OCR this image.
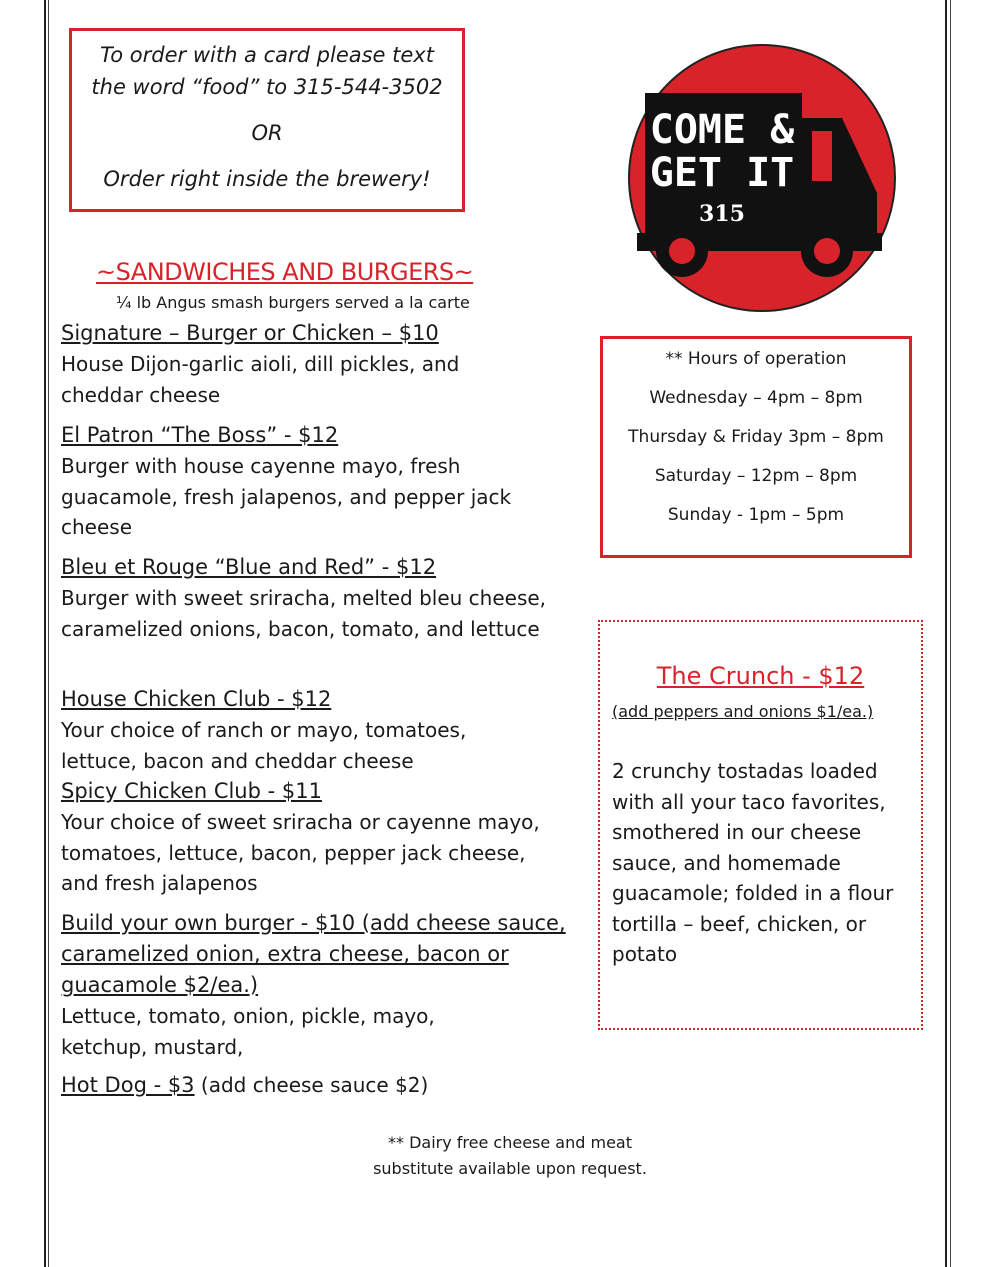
To order with a card please text
the word “food” to 315-544-3502
OR
Order right inside the brewery!
COME &
GET IT
315
** Hours of operation
Wednesday – 4pm – 8pm
Thursday & Friday 3pm – 8pm
Saturday – 12pm – 8pm
Sunday - 1pm – 5pm
~SANDWICHES AND BURGERS~
¼ lb Angus smash burgers served a la carte
Signature – Burger or Chicken – $10
House Dijon-garlic aioli, dill pickles, and cheddar cheese
El Patron “The Boss” - $12
Burger with house cayenne mayo, fresh guacamole, fresh jalapenos, and pepper jack cheese
Bleu et Rouge “Blue and Red” - $12
Burger with sweet sriracha, melted bleu cheese, caramelized onions, bacon, tomato, and lettuce
House Chicken Club - $12
Your choice of ranch or mayo, tomatoes, lettuce, bacon and cheddar cheese
Spicy Chicken Club - $11
Your choice of sweet sriracha or cayenne mayo, tomatoes, lettuce, bacon, pepper jack cheese, and fresh jalapenos
Build your own burger - $10 (add cheese sauce, caramelized onion, extra cheese, bacon or guacamole $2/ea.)
Lettuce, tomato, onion, pickle, mayo, ketchup, mustard,
Hot Dog - $3 (add cheese sauce $2)
The Crunch - $12
(add peppers and onions $1/ea.)
2 crunchy tostadas loaded with all your taco favorites, smothered in our cheese sauce, and homemade guacamole; folded in a flour tortilla – beef, chicken, or potato
** Dairy free cheese and meat substitute available upon request.
